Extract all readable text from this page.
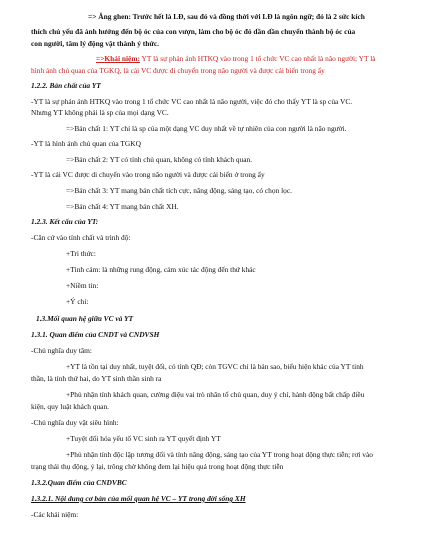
=> Ăng ghen: Trước hết là LĐ, sau đó và đồng thời với LĐ là ngôn ngữ; đó là 2 sức kích
thích chủ yếu đã ảnh hưởng đến bộ óc của con vượn, làm cho bộ óc đó dần dần chuyển thành bộ óc của
con người, tâm lý động vật thành ý thức.
=>Khái niệm: YT là sự phản ánh HTKQ vào trong 1 tổ chức VC cao nhất là não người; YT là
hình ảnh chủ quan của TGKQ, là cái VC được di chuyển trong não người và được cải biến trong ấy
1.2.2. Bản chất của YT
-YT là sự phản ánh HTKQ vào trong 1 tổ chức VC cao nhất là não người, việc đó cho thấy YT là sp của VC.
Nhưng YT không phải là sp của mọi dạng VC.
=>Bản chất 1: YT chỉ là sp của một dạng VC duy nhất về tự nhiên của con người là não người.
-YT là hình ảnh chủ quan của TGKQ
=>Bản chất 2: YT có tính chủ quan, không có tính khách quan.
-YT là cái VC được di chuyển vào trong não người và được cải biến ở trong ấy
=>Bản chất 3: YT mang bản chất tích cực, năng động, sáng tạo, có chọn lọc.
=>Bản chất 4: YT mang bản chất XH.
1.2.3. Kết cấu của YT:
-Căn cứ vào tính chất và trình độ:
+Tri thức:
+Tình cảm: là những rung động, cảm xúc tác động đến thứ khác
+Niềm tin:
+Ý chí:
1.3.Mối quan hệ giữa VC và YT
1.3.1. Quan điểm của CNDT và CNDVSH
-Chủ nghĩa duy tâm:
+YT là tồn tại duy nhất, tuyệt đối, có tính QĐ; còn TGVC chỉ là bản sao, biểu hiện khác của YT tinh
thần, là tính thứ hai, do YT sinh thần sinh ra
+Phủ nhận tính khách quan, cường điệu vai trò nhân tố chủ quan, duy ý chí, hành động bất chấp điều
kiện, quy luật khách quan.
-Chủ nghĩa duy vật siêu hình:
+Tuyệt đối hóa yếu tố VC sinh ra YT quyết định YT
+Phủ nhận tính độc lập tương đối và tính năng động, sáng tạo của YT trong hoạt động thực tiễn; rơi vào
trạng thái thụ động, ỷ lại, trông chờ không đem lại hiệu quả trong hoạt động thực tiễn
1.3.2.Quan điểm của CNDVBC
1.3.2.1. Nội dung cơ bản của mối quan hệ VC – YT trong đời sống XH
-Các khái niệm:
